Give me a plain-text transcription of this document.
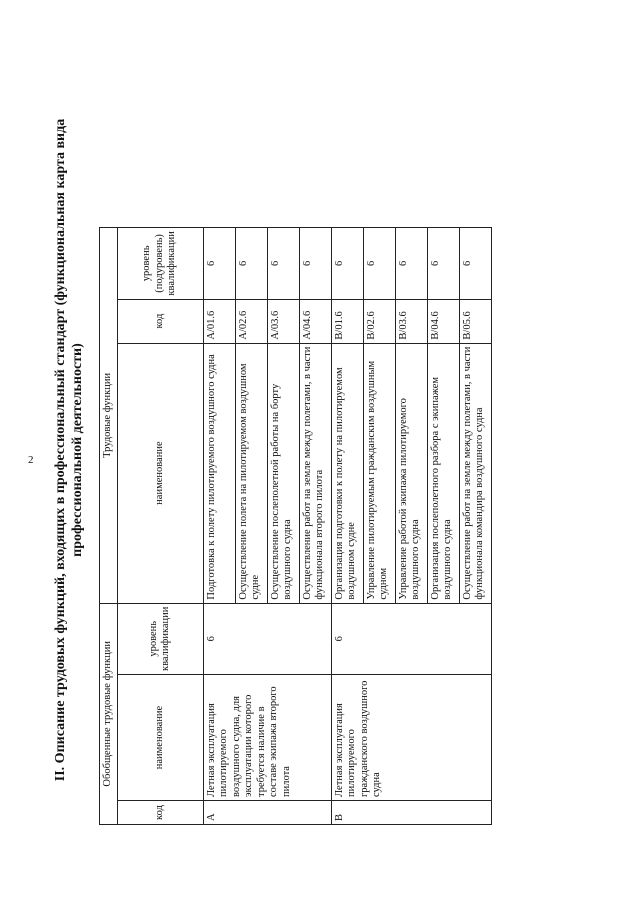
2 II. Описание трудовых функций, входящих в профессиональный стандарт (функциональная карта вида профессиональной деятельности)
Обобщенные трудовые функции			Трудовые функции		
код	наименование	уровень квалификации	наименование	код	уровень (подуровень) квалификации
A	Летная эксплуатация пилотируемого воздушного судна, для эксплуатации которого требуется наличие в составе экипажа второго пилота	6	Подготовка к полету пилотируемого воздушного судна	A/01.6	6
			Осуществление полета на пилотируемом воздушном судне	A/02.6	6
			Осуществление послеполетной работы на борту воздушного судна	A/03.6	6
			Осуществление работ на земле между полетами, в части функционала второго пилота	A/04.6	6
B	Летная эксплуатация пилотируемого гражданского воздушного судна	6	Организация подготовки к полету на пилотируемом воздушном судне	B/01.6	6
			Управление пилотируемым гражданским воздушным судном	B/02.6	6
			Управление работой экипажа пилотируемого воздушного судна	B/03.6	6
			Организация послеполетного разбора с экипажем воздушного судна	B/04.6	6
			Осуществление работ на земле между полетами, в части функционала командира воздушного судна	B/05.6	6
